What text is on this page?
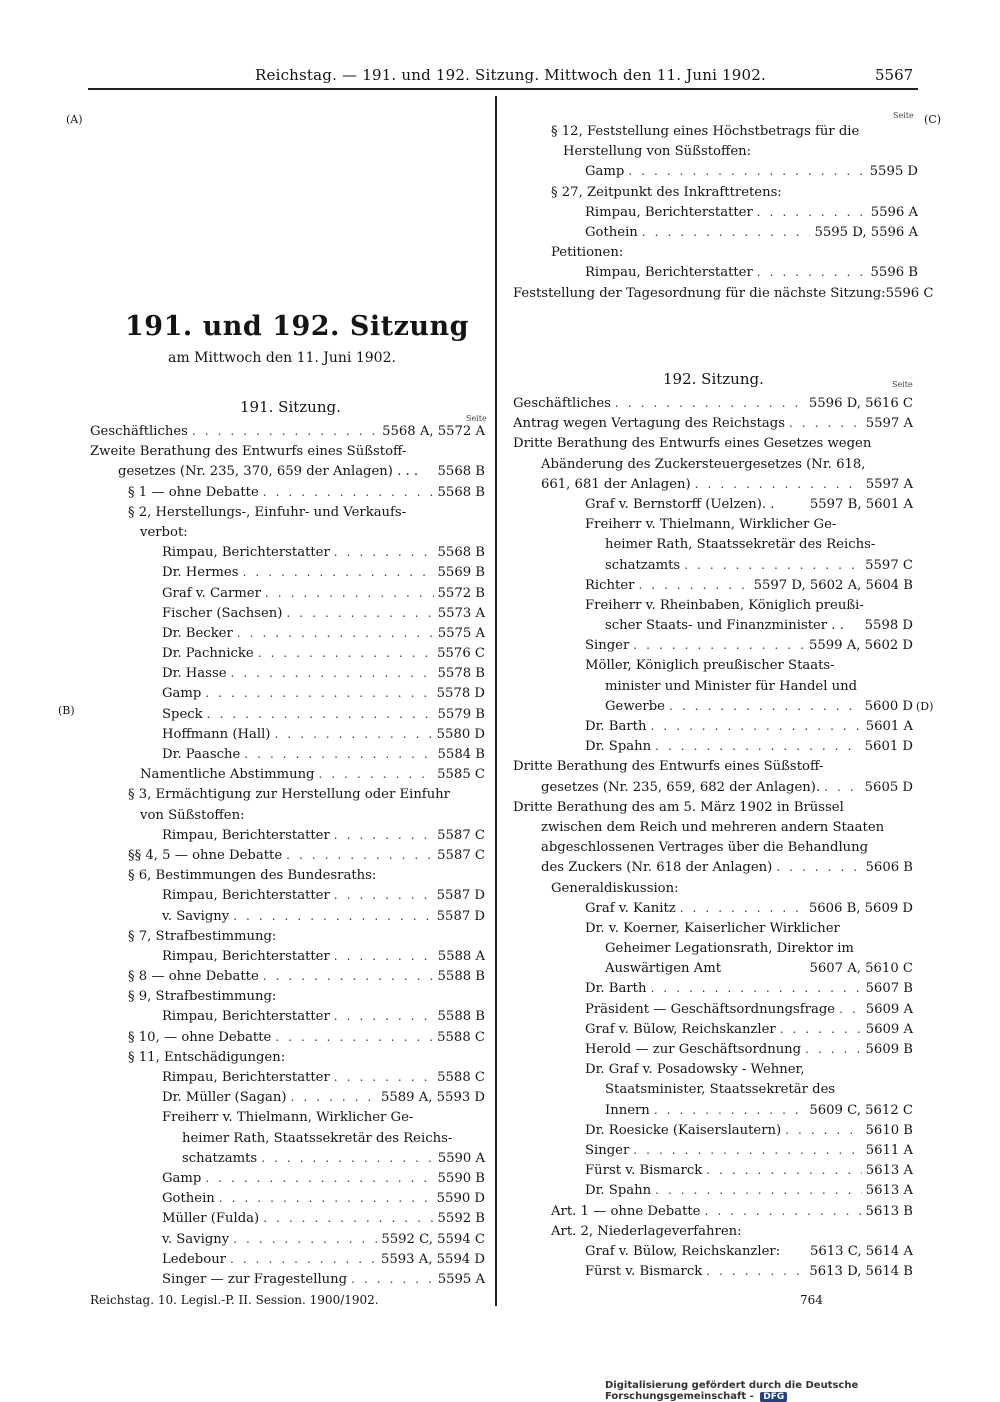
Reichstag. — 191. und 192. Sitzung. Mittwoch den 11. Juni 1902.	5567
(A)
(B)
(C)
(D)
Seite
Seite
Seite
191. und 192. Sitzung
am Mittwoch den 11. Juni 1902.
191. Sitzung.
192. Sitzung.
Geschäftliches . . .	5568 A, 5572 A
Zweite Berathung des Entwurfs eines Süßstoff-
gesetzes (Nr. 235, 370, 659 der Anlagen) . . . 5568 B
§ 1 — ohne Debatte . . .	5568 B
§ 2, Herstellungs-, Einfuhr- und Verkaufs-
verbot:
Rimpau, Berichterstatter . . .	5568 B
Dr. Hermes . . .	5569 B
Graf v. Carmer . . .	5572 B
Fischer (Sachsen) . . .	5573 A
Dr. Becker . . .	5575 A
Dr. Pachnicke . . .	5576 C
Dr. Hasse . . .	5578 B
Gamp . . .	5578 D
Speck . . .	5579 B
Hoffmann (Hall) . . .	5580 D
Dr. Paasche . . .	5584 B
Namentliche Abstimmung . . .	5585 C
§ 3, Ermächtigung zur Herstellung oder Einfuhr
von Süßstoffen:
Rimpau, Berichterstatter . . .	5587 C
§§ 4, 5 — ohne Debatte . . .	5587 C
§ 6, Bestimmungen des Bundesraths:
Rimpau, Berichterstatter . . .	5587 D
v. Savigny . . .	5587 D
§ 7, Strafbestimmung:
Rimpau, Berichterstatter . . .	5588 A
§ 8 — ohne Debatte . . .	5588 B
§ 9, Strafbestimmung:
Rimpau, Berichterstatter . . .	5588 B
§ 10, — ohne Debatte . . .	5588 C
§ 11, Entschädigungen:
Rimpau, Berichterstatter . . .	5588 C
Dr. Müller (Sagan) . . .	5589 A, 5593 D
Freiherr v. Thielmann, Wirklicher Ge-
heimer Rath, Staatssekretär des Reichs-
schatzamts . . .	5590 A
Gamp . . .	5590 B
Gothein . . .	5590 D
Müller (Fulda) . . .	5592 B
v. Savigny . . .	5592 C, 5594 C
Ledebour . . .	5593 A, 5594 D
Singer — zur Fragestellung . . .	5595 A
§ 12, Feststellung eines Höchstbetrags für die
Herstellung von Süßstoffen:
Gamp . . .	5595 D
§ 27, Zeitpunkt des Inkrafttretens:
Rimpau, Berichterstatter . . .	5596 A
Gothein . . .	5595 D, 5596 A
Petitionen:
Rimpau, Berichterstatter . . .	5596 B
Feststellung der Tagesordnung für die nächste Sitzung: 5596 C
Geschäftliches . . .	5596 D, 5616 C
Antrag wegen Vertagung des Reichstags . . .	5597 A
Dritte Berathung des Entwurfs eines Gesetzes wegen
Abänderung des Zuckersteuergesetzes (Nr. 618,
661, 681 der Anlagen) . . .	5597 A
Graf v. Bernstorff (Uelzen). .	5597 B, 5601 A
Freiherr v. Thielmann, Wirklicher Ge-
heimer Rath, Staatssekretär des Reichs-
schatzamts . . .	5597 C
Richter . . .	5597 D, 5602 A, 5604 B
Freiherr v. Rheinbaben, Königlich preußi-
scher Staats- und Finanzminister . . 5598 D
Singer . . .	5599 A, 5602 D
Möller, Königlich preußischer Staats-
minister und Minister für Handel und
Gewerbe . . .	5600 D
Dr. Barth . . .	5601 A
Dr. Spahn . . .	5601 D
Dritte Berathung des Entwurfs eines Süßstoff-
gesetzes (Nr. 235, 659, 682 der Anlagen). . . .	5605 D
Dritte Berathung des am 5. März 1902 in Brüssel
zwischen dem Reich und mehreren andern Staaten
abgeschlossenen Vertrages über die Behandlung
des Zuckers (Nr. 618 der Anlagen) . . .	5606 B
Generaldiskussion:
Graf v. Kanitz . . .	5606 B, 5609 D
Dr. v. Koerner, Kaiserlicher Wirklicher
Geheimer Legationsrath, Direktor im
Auswärtigen Amt	5607 A, 5610 C
Dr. Barth . . .	5607 B
Präsident — Geschäftsordnungsfrage . . . 5609 A
Graf v. Bülow, Reichskanzler . . .	5609 A
Herold — zur Geschäftsordnung . . .	5609 B
Dr. Graf v. Posadowsky - Wehner,
Staatsminister, Staatssekretär des
Innern . . .	5609 C, 5612 C
Dr. Roesicke (Kaiserslautern) . . .	5610 B
Singer . . .	5611 A
Fürst v. Bismarck . . .	5613 A
Dr. Spahn . . .	5613 A
Art. 1 — ohne Debatte . . .	5613 B
Art. 2, Niederlageverfahren:
Graf v. Bülow, Reichskanzler: 5613 C, 5614 A
Fürst v. Bismarck . . .	5613 D, 5614 B
Reichstag. 10. Legisl.-P. II. Session. 1900/1902.	764
Digitalisierung gefördert durch die Deutsche Forschungsgemeinschaft - DFG
